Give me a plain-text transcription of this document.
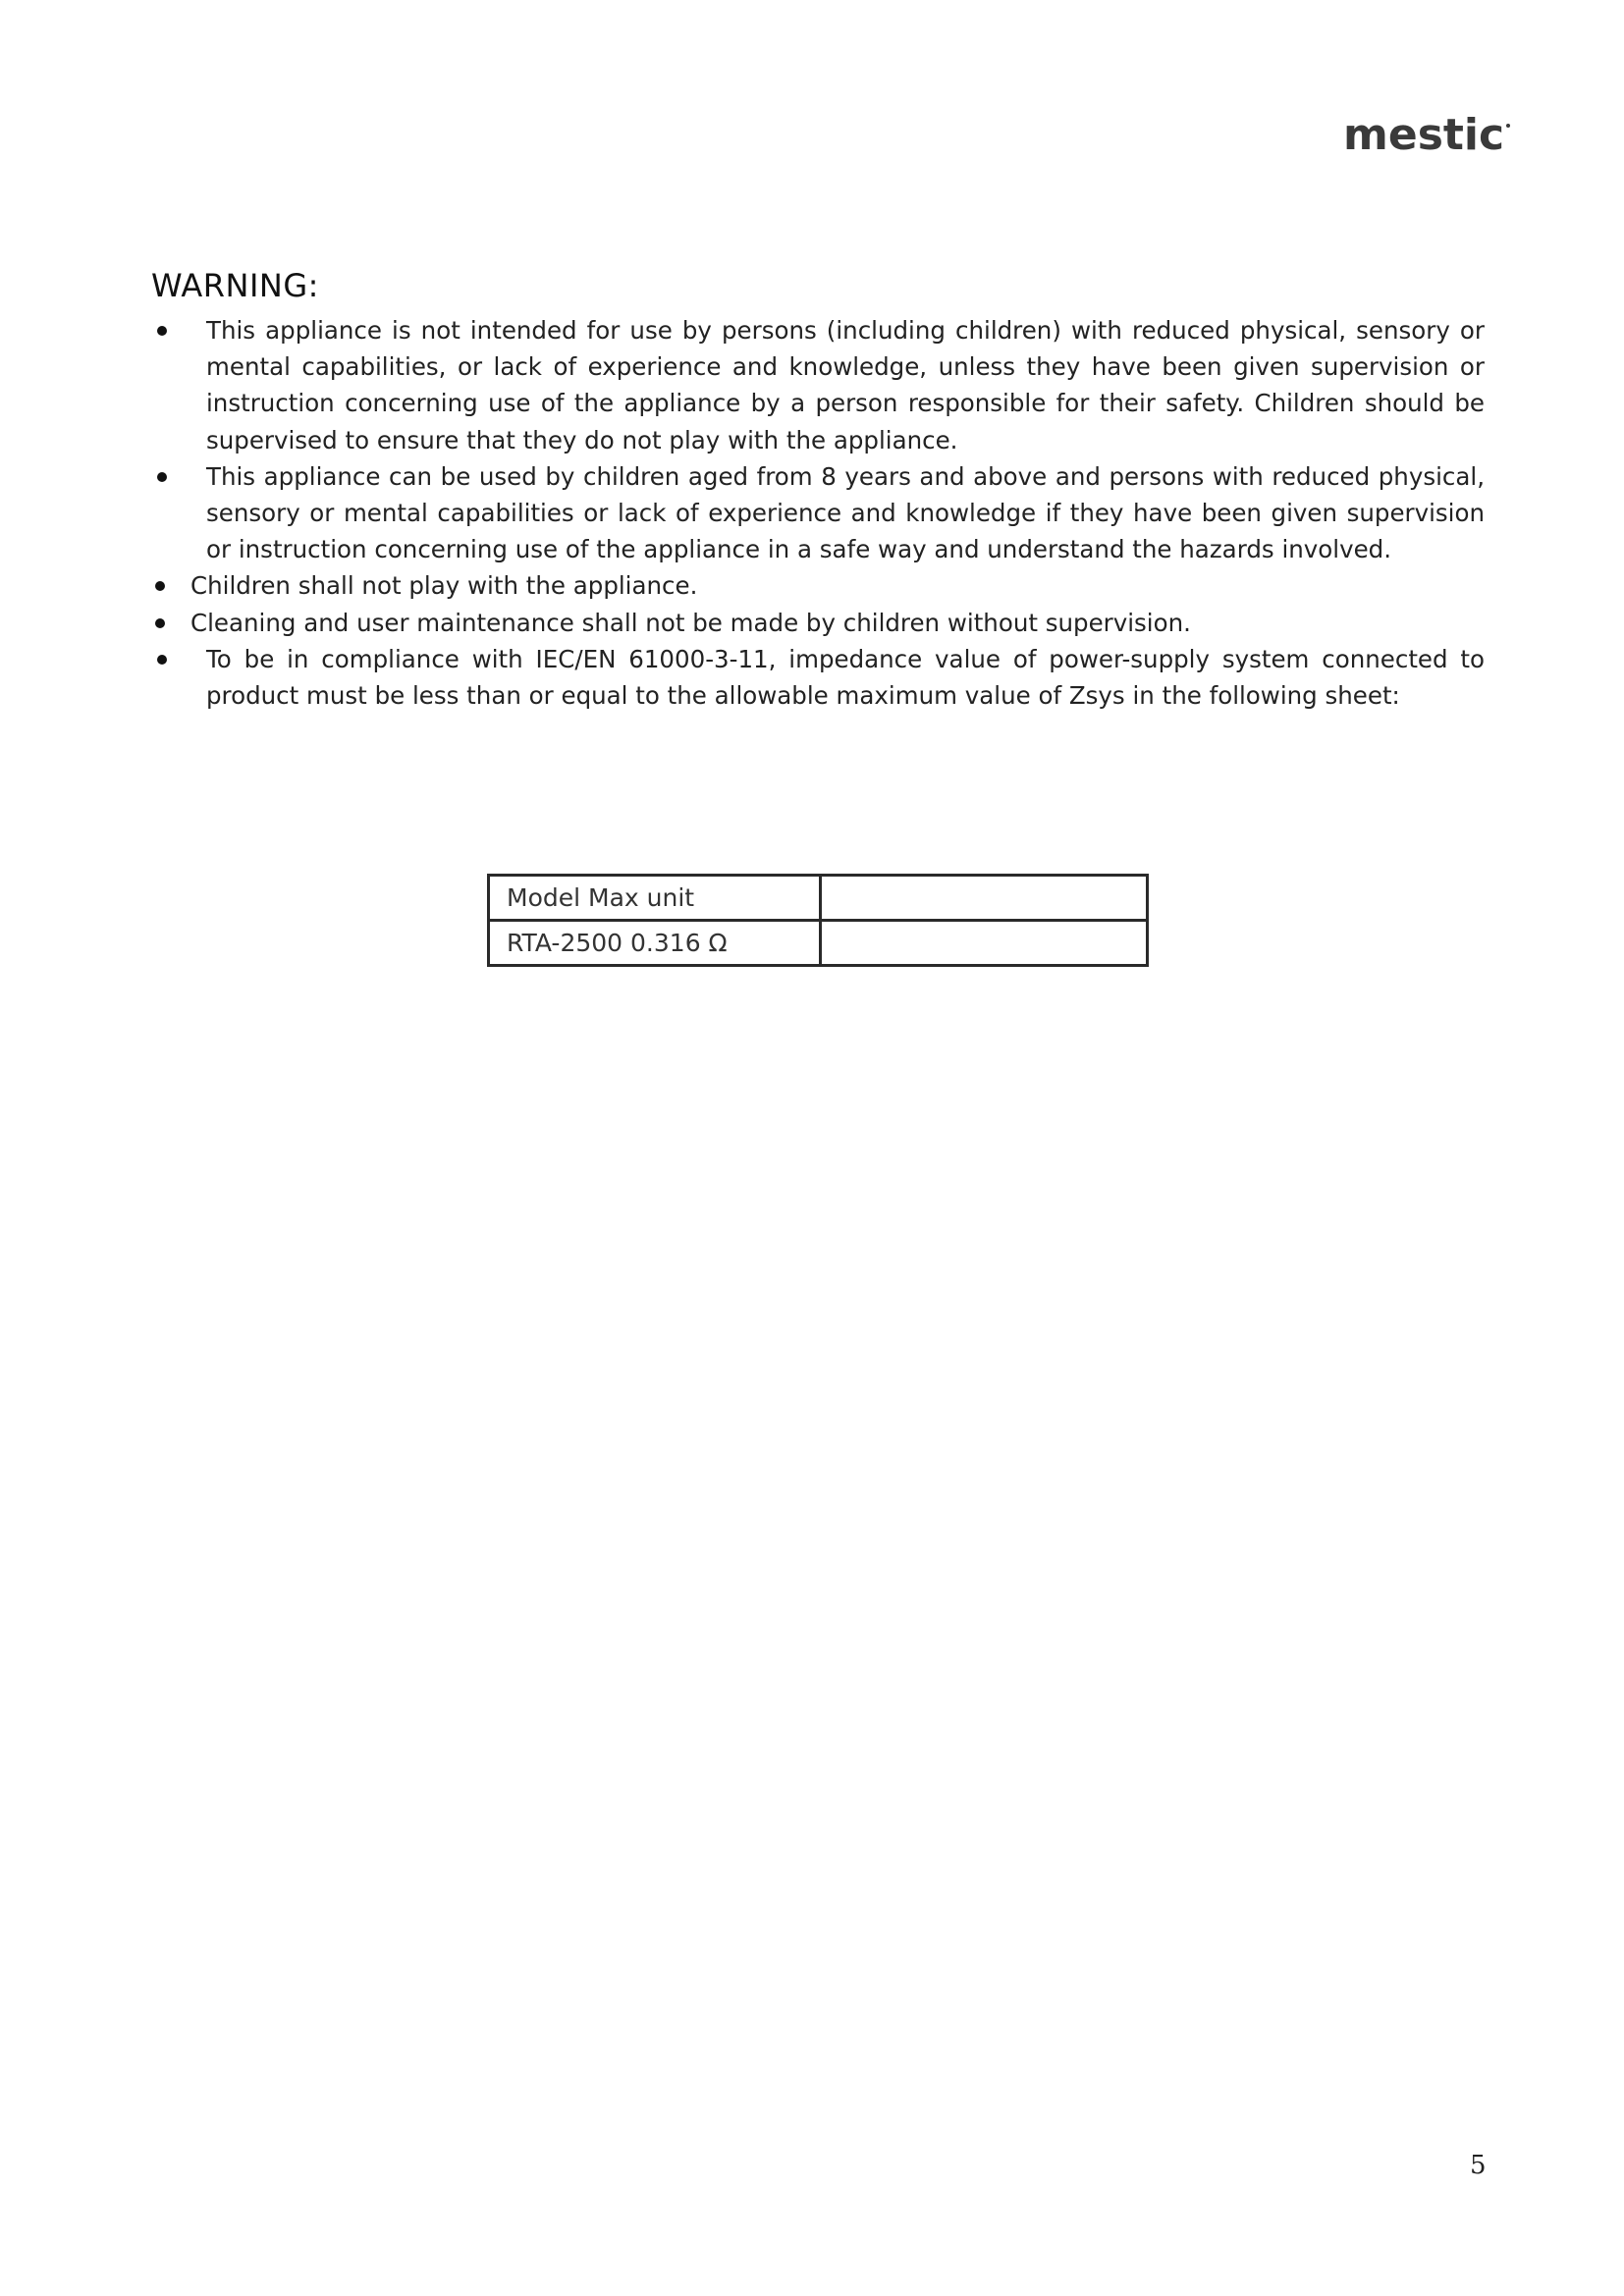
mestic
WARNING:
This appliance is not intended for use by persons (including children) with reduced physical, sensory or mental capabilities, or lack of experience and knowledge, unless they have been given supervision or instruction concerning use of the appliance by a person responsible for their safety. Children should be supervised to ensure that they do not play with the appliance.
This appliance can be used by children aged from 8 years and above and persons with reduced physical, sensory or mental capabilities or lack of experience and knowledge if they have been given supervision or instruction concerning use of the appliance in a safe way and understand the hazards involved.
Children shall not play with the appliance.
Cleaning and user maintenance shall not be made by children without supervision.
To be in compliance with IEC/EN 61000-3-11, impedance value of power-supply system connected to product must be less than or equal to the allowable maximum value of Zsys in the following sheet:
Model Max unit	
RTA-2500 0.316 Ω	
5
